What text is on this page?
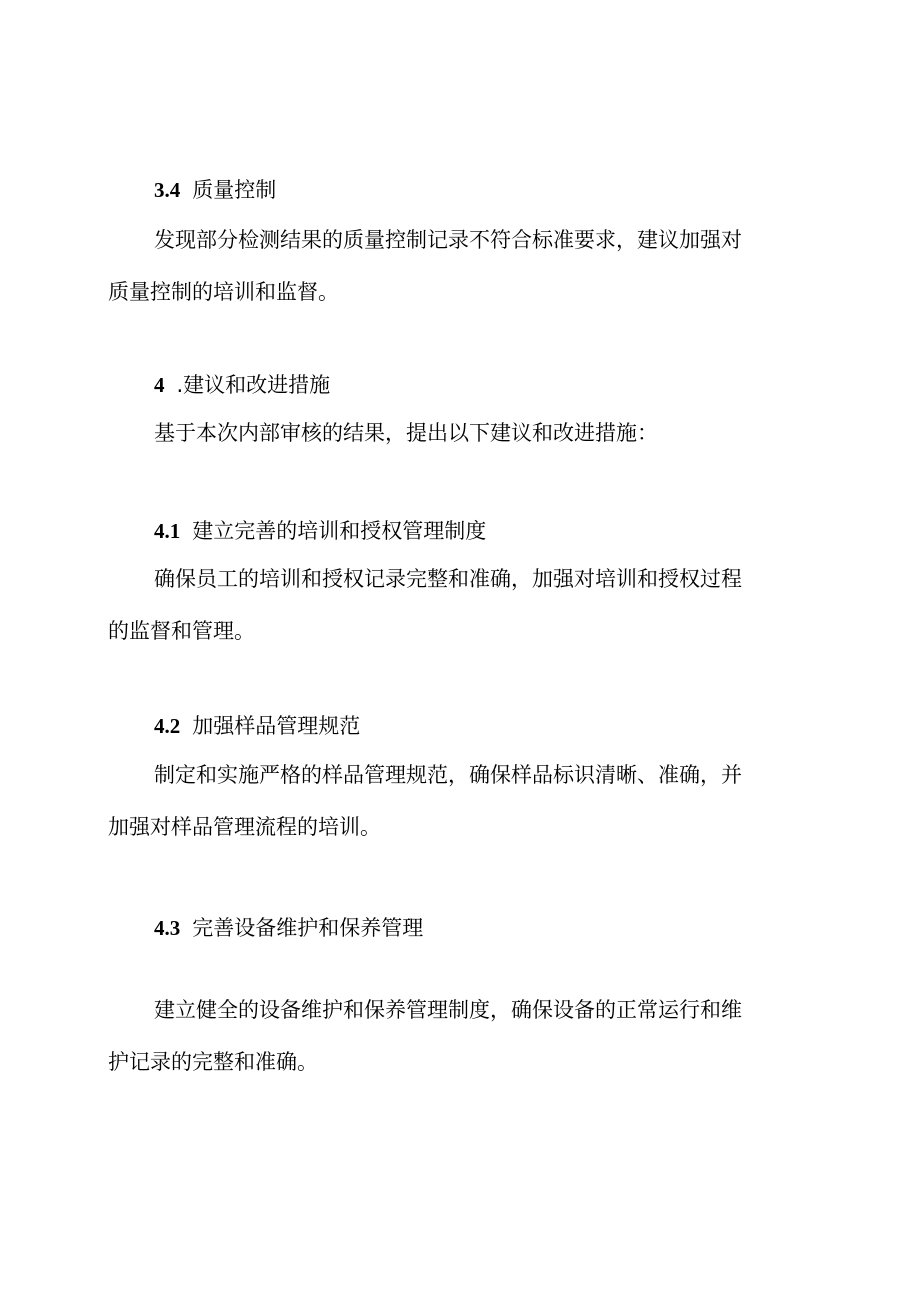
3.4 质量控制
发现部分检测结果的质量控制记录不符合标准要求，建议加强对
质量控制的培训和监督。
4 .建议和改进措施
基于本次内部审核的结果，提出以下建议和改进措施：
4.1 建立完善的培训和授权管理制度
确保员工的培训和授权记录完整和准确，加强对培训和授权过程
的监督和管理。
4.2 加强样品管理规范
制定和实施严格的样品管理规范，确保样品标识清晰、准确，并
加强对样品管理流程的培训。
4.3 完善设备维护和保养管理
建立健全的设备维护和保养管理制度，确保设备的正常运行和维
护记录的完整和准确。
